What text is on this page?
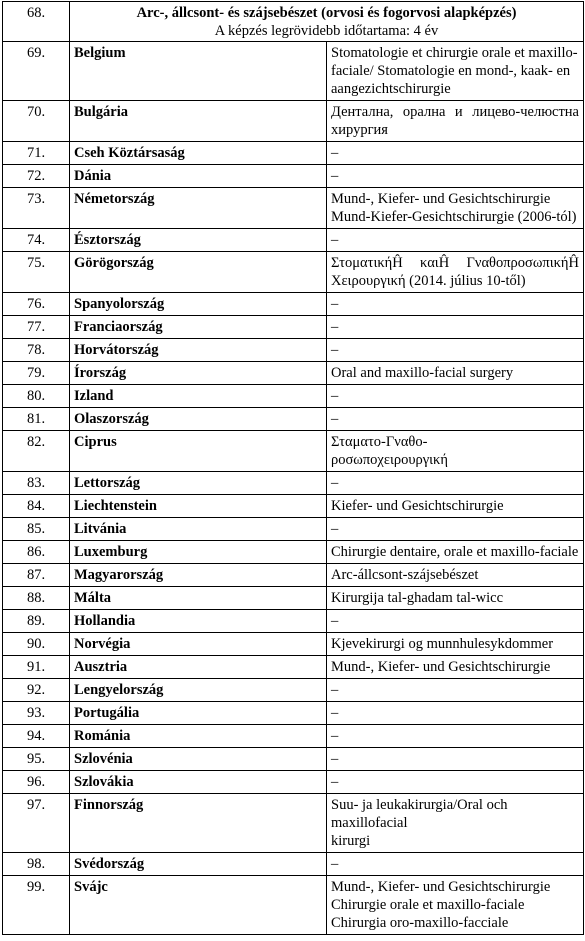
68.	Arc-, állcsont- és szájsebészet (orvosi és fogorvosi alapképzés)
A képzés legrövidebb időtartama: 4 év	

69.	Belgium	Stomatologie et chirurgie orale et maxillo-
faciale/ Stomatologie en mond-, kaak- en
aangezichtschirurgie

70.	Bulgária	Дентална, орална и лицево-челюстна
хирургия

71.	Cseh Köztársaság	–

72.	Dánia	–

73.	Németország	Mund-, Kiefer- und Gesichtschirurgie
Mund-Kiefer-Gesichtschirurgie (2006-tól)

74.	Észtország	–

75.	Görögország	ΣτοματικήĤ καιĤ ΓναθοπροσωπικήĤ
Χειρουργική (2014. július 10-től)

76.	Spanyolország	–

77.	Franciaország	–

78.	Horvátország	–

79.	Írország	Oral and maxillo-facial surgery

80.	Izland	–

81.	Olaszország	–

82.	Ciprus	Σταματο-Γναθο-
ροσωποχειρουργική

83.	Lettország	–

84.	Liechtenstein	Kiefer- und Gesichtschirurgie

85.	Litvánia	–

86.	Luxemburg	Chirurgie dentaire, orale et maxillo-faciale

87.	Magyarország	Arc-állcsont-szájsebészet

88.	Málta	Kirurgija tal-ghadam tal-wicc

89.	Hollandia	–

90.	Norvégia	Kjevekirurgi og munnhulesykdommer

91.	Ausztria	Mund-, Kiefer- und Gesichtschirurgie

92.	Lengyelország	–

93.	Portugália	–

94.	Románia	–

95.	Szlovénia	–

96.	Szlovákia	–

97.	Finnország	Suu- ja leukakirurgia/Oral och maxillofacial
kirurgi

98.	Svédország	–

99.	Svájc	Mund-, Kiefer- und Gesichtschirurgie
Chirurgie orale et maxillo-faciale
Chirurgia oro-maxillo-facciale
